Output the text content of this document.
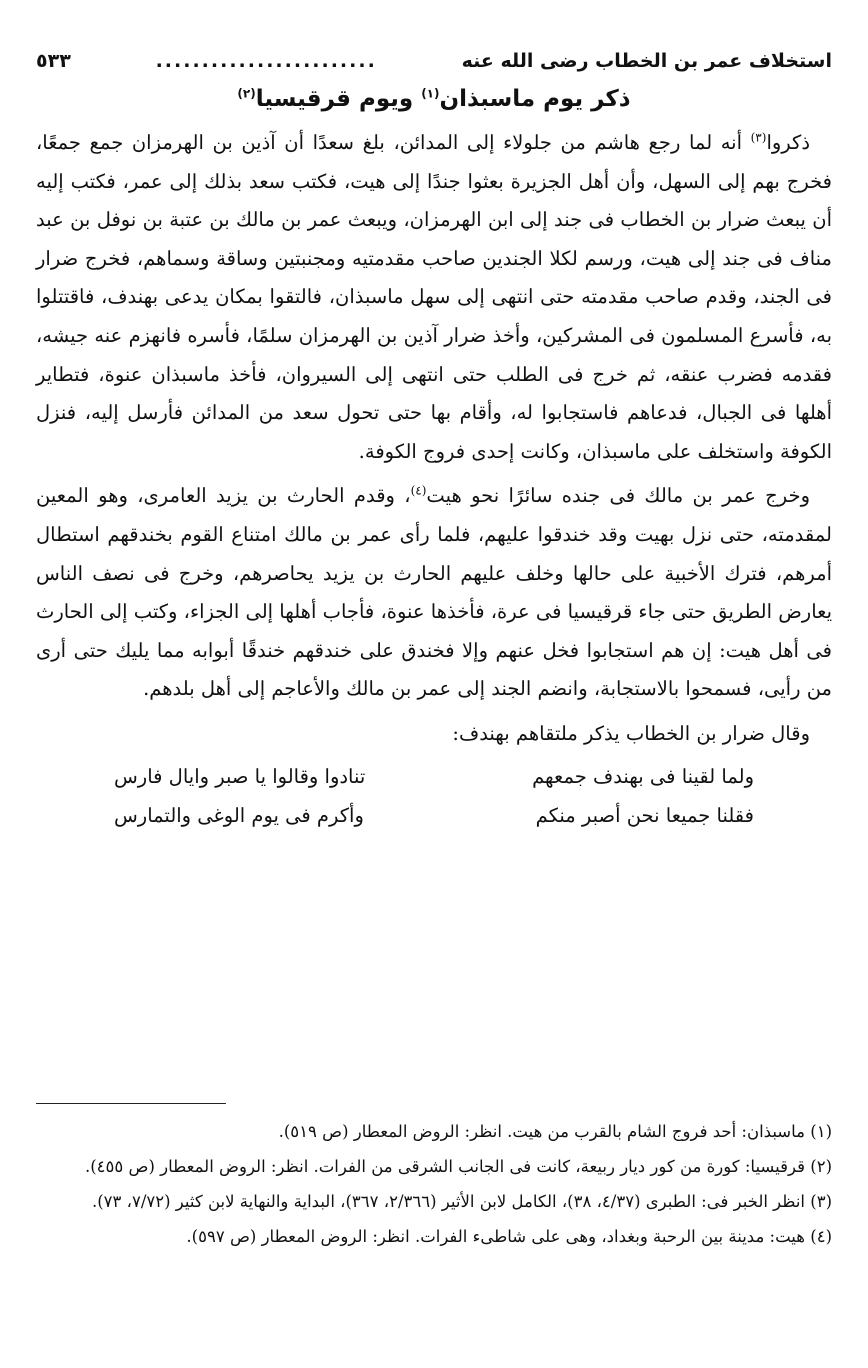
استخلاف عمر بن الخطاب رضى الله عنه
........................
٥٣٣
ذكر يوم ماسبذان$^{(١)}$ ويوم قرقيسيا$^{(٢)}$

ذكروا$^{(٣)}$ أنه لما رجع هاشم من جلولاء إلى المدائن، بلغ سعدًا أن آذين بن الهرمزان جمع جمعًا، فخرج بهم إلى السهل، وأن أهل الجزيرة بعثوا جندًا إلى هيت، فكتب سعد بذلك إلى عمر، فكتب إليه أن يبعث ضرار بن الخطاب فى جند إلى ابن الهرمزان، ويبعث عمر بن مالك بن عتبة بن نوفل بن عبد مناف فى جند إلى هيت، ورسم لكلا الجندين صاحب مقدمتيه ومجنبتين وساقة وسماهم، فخرج ضرار فى الجند، وقدم صاحب مقدمته حتى انتهى إلى سهل ماسبذان، فالتقوا بمكان يدعى بهندف، فاقتتلوا به، فأسرع المسلمون فى المشركين، وأخذ ضرار آذين بن الهرمزان سلمًا، فأسره فانهزم عنه جيشه، فقدمه فضرب عنقه، ثم خرج فى الطلب حتى انتهى إلى السيروان، فأخذ ماسبذان عنوة، فتطاير أهلها فى الجبال، فدعاهم فاستجابوا له، وأقام بها حتى تحول سعد من المدائن فأرسل إليه، فنزل الكوفة واستخلف على ماسبذان، وكانت إحدى فروج الكوفة.

وخرج عمر بن مالك فى جنده سائرًا نحو هيت$^{(٤)}$، وقدم الحارث بن يزيد العامرى، وهو المعين لمقدمته، حتى نزل بهيت وقد خندقوا عليهم، فلما رأى عمر بن مالك امتناع القوم بخندقهم استطال أمرهم، فترك الأخبية على حالها وخلف عليهم الحارث بن يزيد يحاصرهم، وخرج فى نصف الناس يعارض الطريق حتى جاء قرقيسيا فى عرة، فأخذها عنوة، فأجاب أهلها إلى الجزاء، وكتب إلى الحارث فى أهل هيت: إن هم استجابوا فخل عنهم وإلا فخندق على خندقهم خندقًا أبوابه مما يليك حتى أرى من رأيى، فسمحوا بالاستجابة، وانضم الجند إلى عمر بن مالك والأعاجم إلى أهل بلدهم.

وقال ضرار بن الخطاب يذكر ملتقاهم بهندف:
ولما لقينا فى بهندف جمعهم
تنادوا وقالوا يا صبر وايال فارس
فقلنا جميعا نحن أصبر منكم
وأكرم فى يوم الوغى والتمارس

(١) ماسبذان: أحد فروج الشام بالقرب من هيت. انظر: الروض المعطار (ص ٥١٩).

(٢) قرقيسيا: كورة من كور ديار ربيعة، كانت فى الجانب الشرقى من الفرات. انظر: الروض المعطار (ص ٤٥٥).

(٣) انظر الخبر فى: الطبرى (٤/٣٧، ٣٨)، الكامل لابن الأثير (٢/٣٦٦، ٣٦٧)، البداية والنهاية لابن كثير (٧/٧٢، ٧٣).

(٤) هيت: مدينة بين الرحبة وبغداد، وهى على شاطىء الفرات. انظر: الروض المعطار (ص ٥٩٧).
